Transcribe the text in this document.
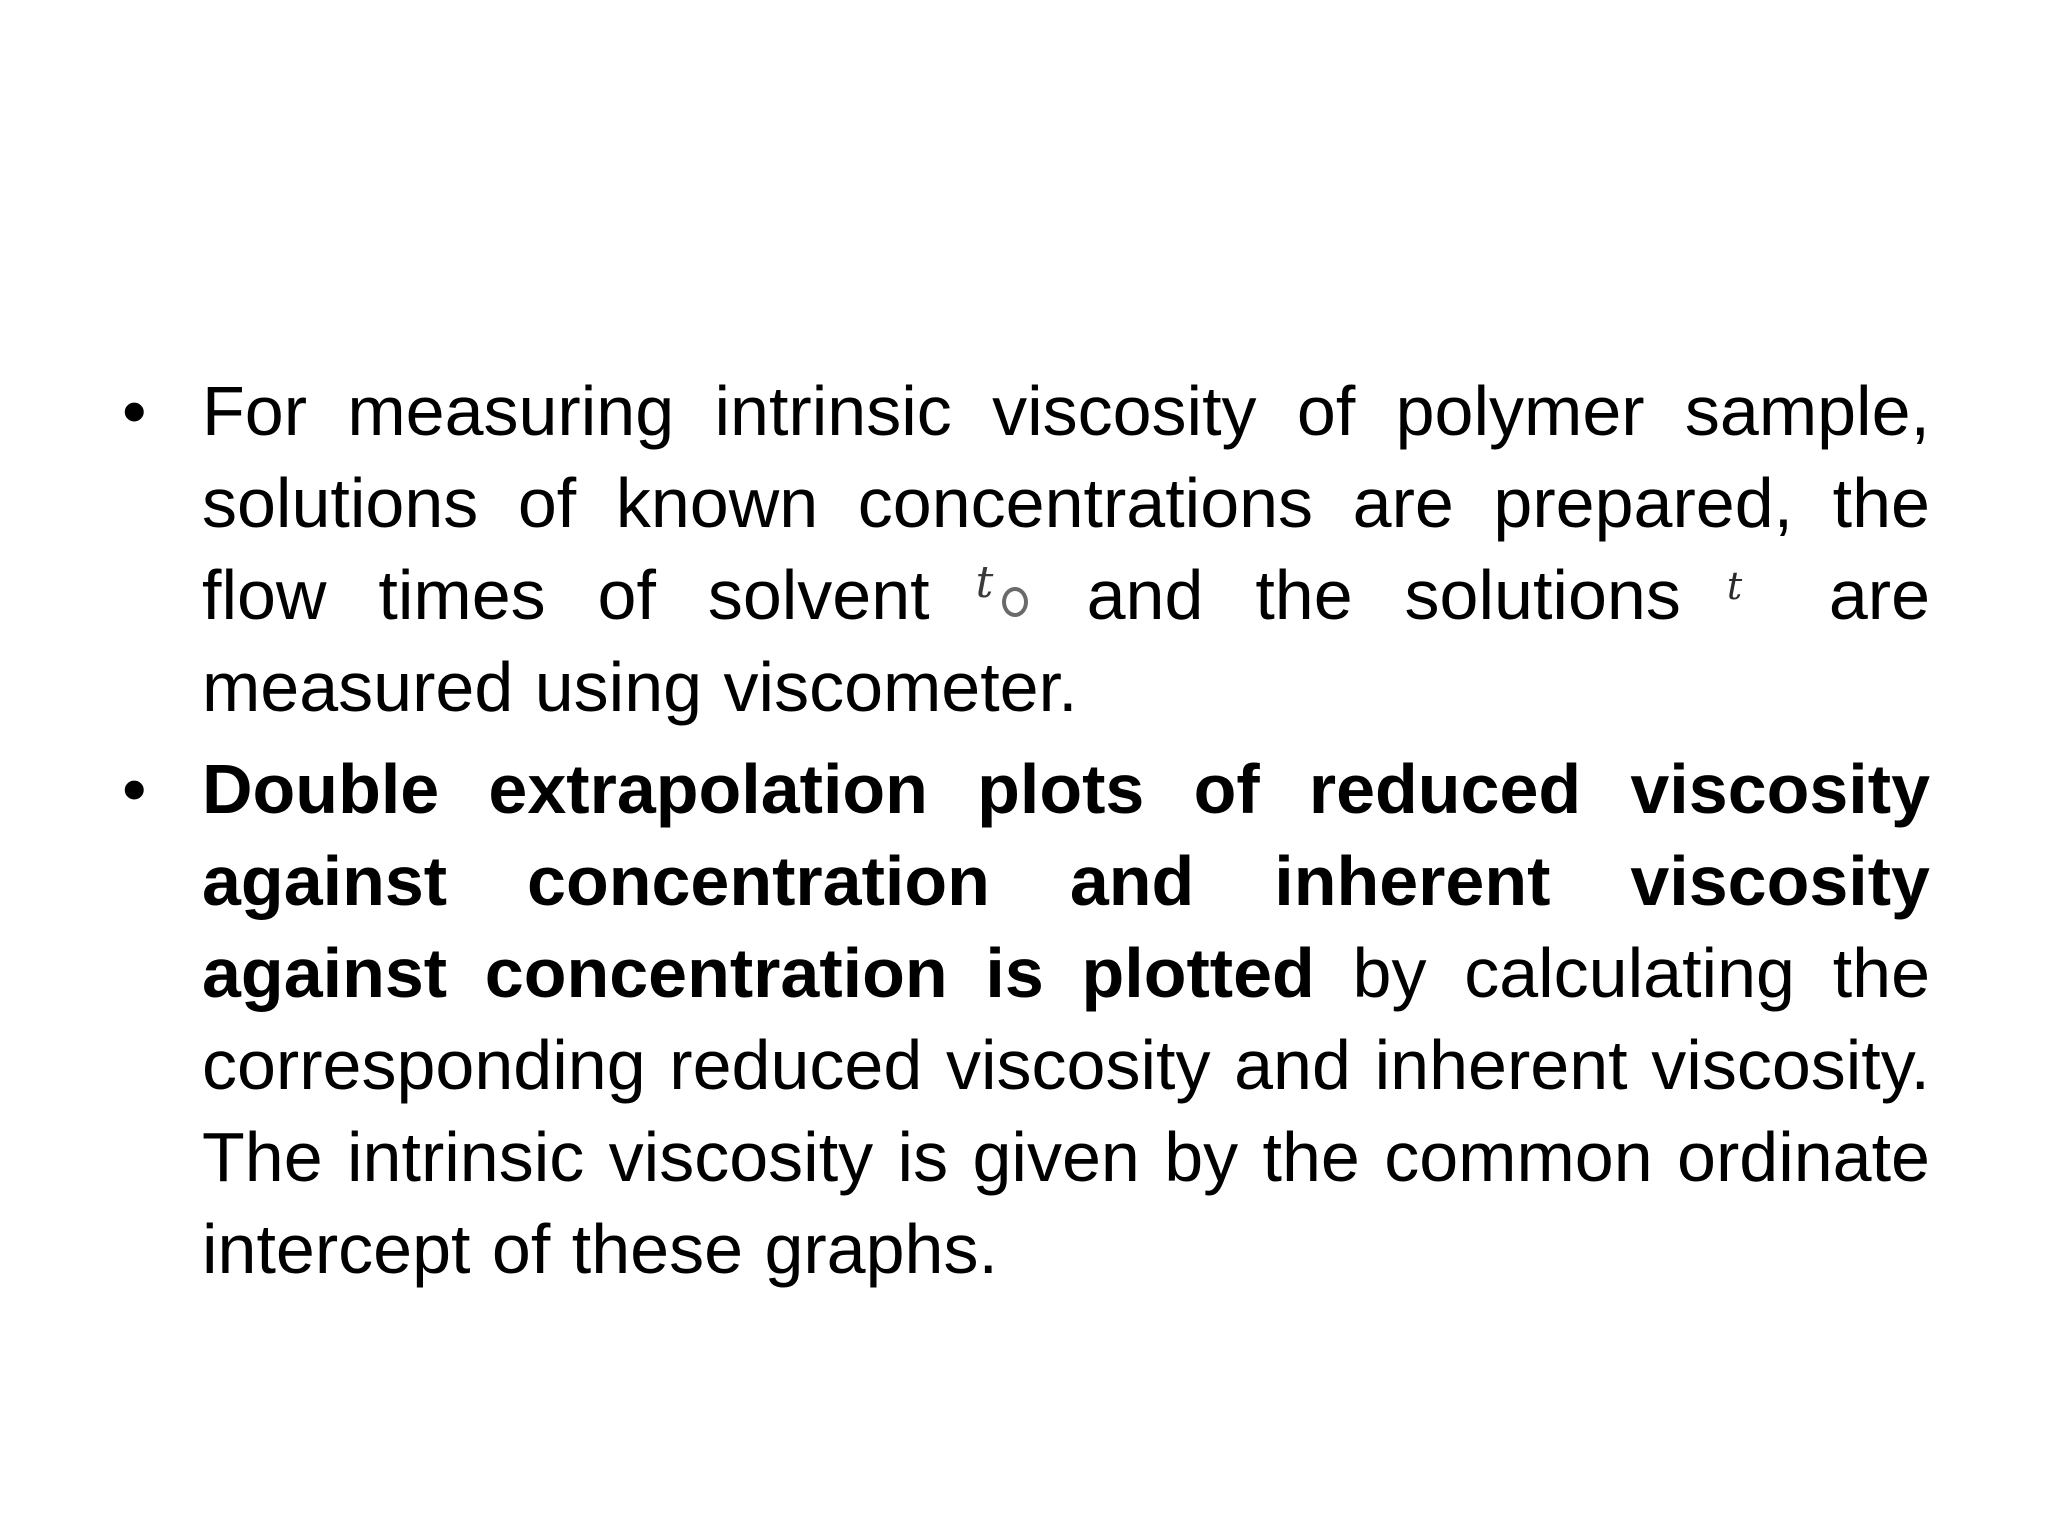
• For measuring intrinsic viscosity of polymer sample, solutions of known concentrations are prepared, the flow times of solvent t and the solutions t are measured using viscometer.
• Double extrapolation plots of reduced viscosity against concentration and inherent viscosity against concentration is plotted by calculating the corresponding reduced viscosity and inherent viscosity. The intrinsic viscosity is given by the common ordinate intercept of these graphs.
